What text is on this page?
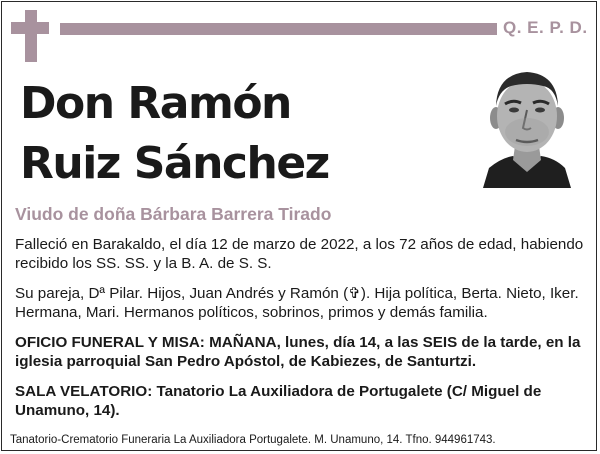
Q. E. P. D.
Don Ramón
Ruiz Sánchez
Viudo de doña Bárbara Barrera Tirado
Falleció en Barakaldo, el día 12 de marzo de 2022, a los 72 años de edad, habiendo recibido los SS. SS. y la B. A. de S. S.
Su pareja, Dª Pilar. Hijos, Juan Andrés y Ramón (✞). Hija política, Berta. Nieto, Iker. Hermana, Mari. Hermanos políticos, sobrinos, primos y demás familia.
OFICIO FUNERAL Y MISA: MAÑANA, lunes, día 14, a las SEIS de la tarde, en la iglesia parroquial San Pedro Apóstol, de Kabiezes, de Santurtzi.
SALA VELATORIO: Tanatorio La Auxiliadora de Portugalete (C/ Miguel de Unamuno, 14).
Tanatorio-Crematorio Funeraria La Auxiliadora Portugalete. M. Unamuno, 14. Tfno. 944961743.
